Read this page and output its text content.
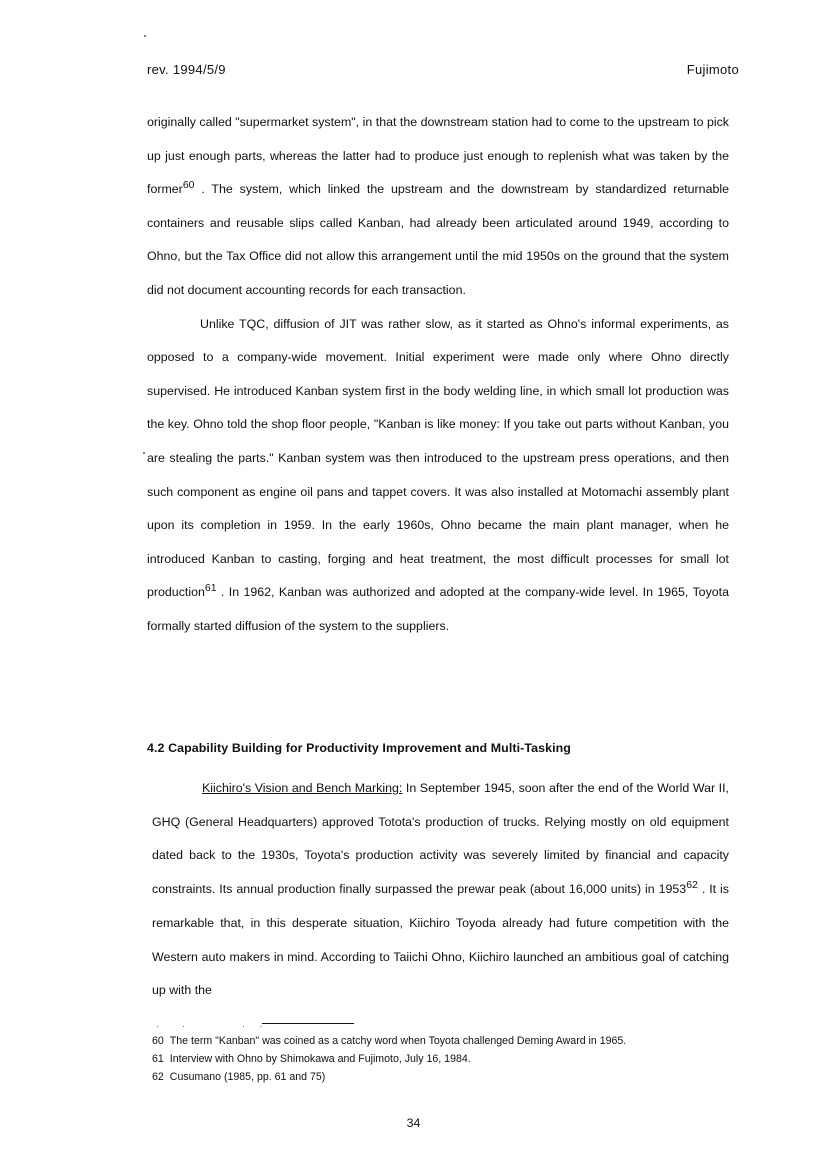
rev. 1994/5/9	Fujimoto

originally called "supermarket system", in that the downstream station had to come to the upstream to pick up just enough parts, whereas the latter had to produce just enough to replenish what was taken by the former$^{60}$ . The system, which linked the upstream and the downstream by standardized returnable containers and reusable slips called Kanban, had already been articulated around 1949, according to Ohno, but the Tax Office did not allow this arrangement until the mid 1950s on the ground that the system did not document accounting records for each transaction.

Unlike TQC, diffusion of JIT was rather slow, as it started as Ohno's informal experiments, as opposed to a company-wide movement. Initial experiment were made only where Ohno directly supervised. He introduced Kanban system first in the body welding line, in which small lot production was the key. Ohno told the shop floor people, "Kanban is like money: If you take out parts without Kanban, you are stealing the parts." Kanban system was then introduced to the upstream press operations, and then such component as engine oil pans and tappet covers. It was also installed at Motomachi assembly plant upon its completion in 1959. In the early 1960s, Ohno became the main plant manager, when he introduced Kanban to casting, forging and heat treatment, the most difficult processes for small lot production$^{61}$ . In 1962, Kanban was authorized and adopted at the company-wide level. In 1965, Toyota formally started diffusion of the system to the suppliers.

4.2 Capability Building for Productivity Improvement and Multi-Tasking

Kiichiro's Vision and Bench Marking: In September 1945, soon after the end of the World War II, GHQ (General Headquarters) approved Totota's production of trucks. Relying mostly on old equipment dated back to the 1930s, Toyota's production activity was severely limited by financial and capacity constraints. Its annual production finally surpassed the prewar peak (about 16,000 units) in 1953$^{62}$ . It is remarkable that, in this desperate situation, Kiichiro Toyoda already had future competition with the Western auto makers in mind. According to Taiichi Ohno, Kiichiro launched an ambitious goal of catching up with the

·  ·      · ·
60 The term "Kanban" was coined as a catchy word when Toyota challenged Deming Award in 1965.
61 Interview with Ohno by Shimokawa and Fujimoto, July 16, 1984.
62 Cusumano (1985, pp. 61 and 75)
34
